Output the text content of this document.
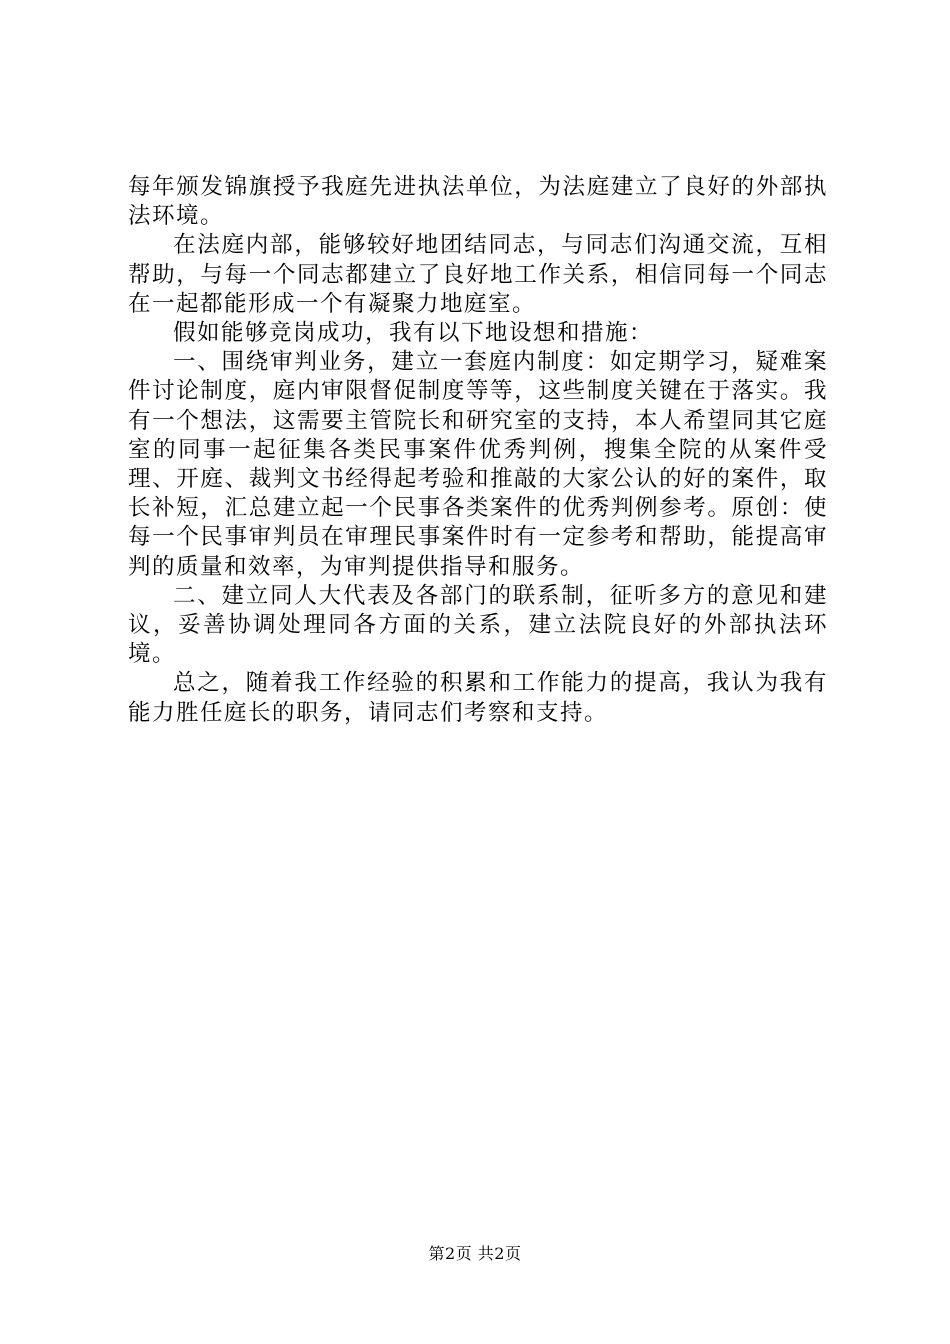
每年颁发锦旗授予我庭先进执法单位，为法庭建立了良好的外部执法环境。

在法庭内部，能够较好地团结同志，与同志们沟通交流，互相帮助，与每一个同志都建立了良好地工作关系，相信同每一个同志在一起都能形成一个有凝聚力地庭室。

假如能够竞岗成功，我有以下地设想和措施：

一、围绕审判业务，建立一套庭内制度：如定期学习，疑难案件讨论制度，庭内审限督促制度等等，这些制度关键在于落实。我有一个想法，这需要主管院长和研究室的支持，本人希望同其它庭室的同事一起征集各类民事案件优秀判例，搜集全院的从案件受理、开庭、裁判文书经得起考验和推敲的大家公认的好的案件，取长补短，汇总建立起一个民事各类案件的优秀判例参考。原创：使每一个民事审判员在审理民事案件时有一定参考和帮助，能提高审判的质量和效率，为审判提供指导和服务。

二、建立同人大代表及各部门的联系制，征听多方的意见和建议，妥善协调处理同各方面的关系，建立法院良好的外部执法环境。

总之，随着我工作经验的积累和工作能力的提高，我认为我有能力胜任庭长的职务，请同志们考察和支持。

第2页 共2页
